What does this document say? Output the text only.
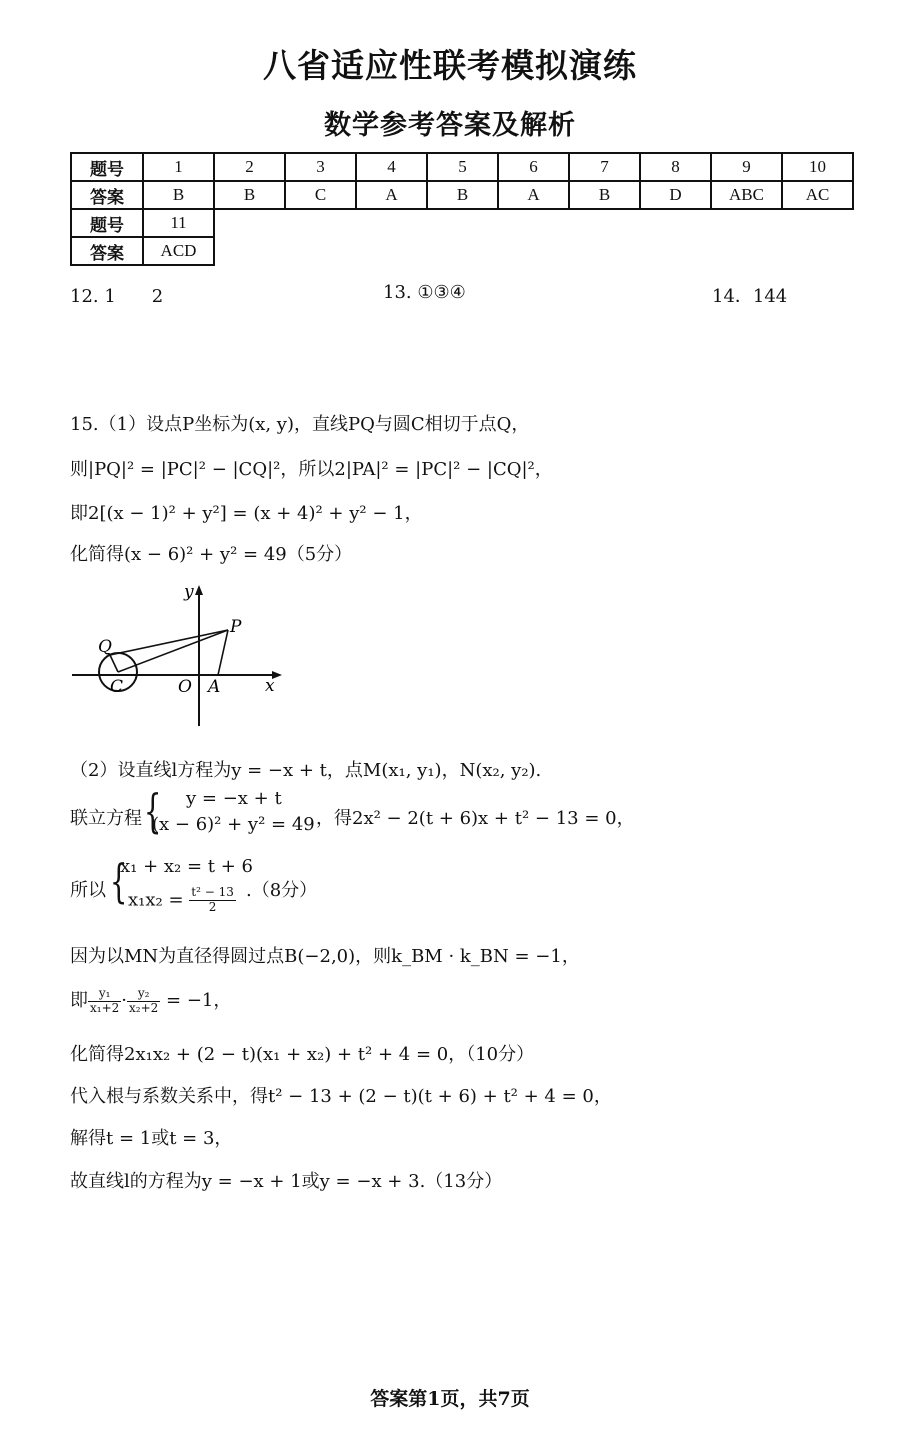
八省适应性联考模拟演练
数学参考答案及解析
题号	1	2	3	4	5	6	7	8	9	10
答案	B	B	C	A	B	A	B	D	ABC	AC
题号	11									
答案	ACD									
12. 1　　2	13. ①③④	14．144
15.（1）设点P坐标为(x, y)，直线PQ与圆C相切于点Q，
则|PQ|² = |PC|² − |CQ|²，所以2|PA|² = |PC|² − |CQ|²，
即2[(x − 1)² + y²] = (x + 4)² + y² − 1，
化简得(x − 6)² + y² = 49（5分）
y
x
P
Q
C	O A
（2）设直线l方程为y = −x + t，点M(x₁, y₁)，N(x₂, y₂).
联立方程 { y = −x + t
(x − 6)² + y² = 49 ，得2x² − 2(t + 6)x + t² − 13 = 0，
所以 {
x₁ + x₂ = t + 6
$x_1x_2 = \frac{\text{t² − 13}}{2} .(8$分）
因为以MN为直径得圆过点B(−2,0)，则k_BM · k_BN = −1，
即 $\frac{\text{y₁}}{\text{x₁+2}} \cdot \frac{\text{y₂}}{\text{x₂+2}} = -1$，
化简得2x₁x₂ + (2 − t)(x₁ + x₂) + t² + 4 = 0，（10分）
代入根与系数关系中，得t² − 13 + (2 − t)(t + 6) + t² + 4 = 0，
解得t = 1或t = 3，
故直线l的方程为y = −x + 1或y = −x + 3.（13分）
答案第1页，共7页
